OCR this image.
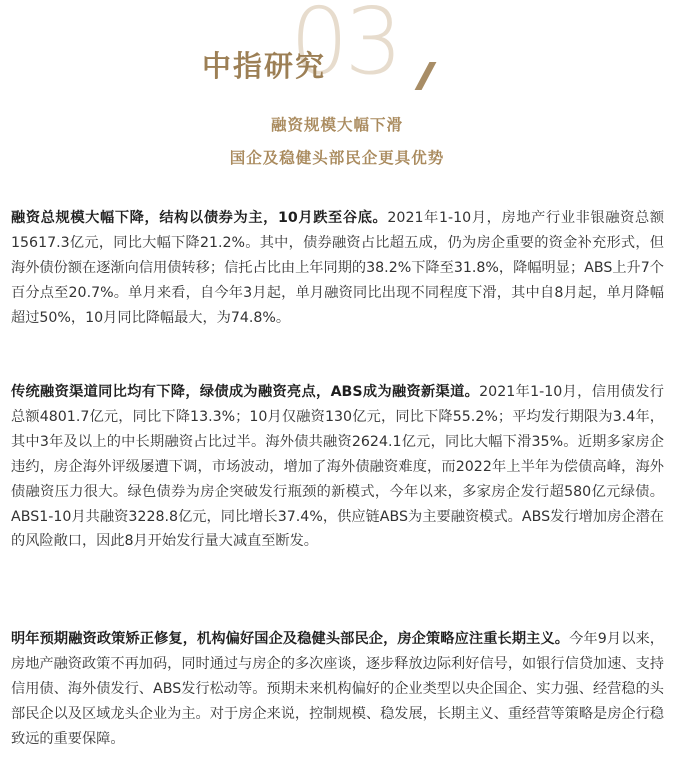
03
中指研究
融资规模大幅下滑
国企及稳健头部民企更具优势
融资总规模大幅下降，结构以债券为主，10月跌至谷底。2021年1-10月，房地产行业非银融资总额15617.3亿元，同比大幅下降21.2%。其中，债券融资占比超五成，仍为房企重要的资金补充形式，但海外债份额在逐渐向信用债转移；信托占比由上年同期的38.2%下降至31.8%，降幅明显；ABS上升7个百分点至20.7%。单月来看，自今年3月起，单月融资同比出现不同程度下滑，其中自8月起，单月降幅超过50%，10月同比降幅最大，为74.8%。
传统融资渠道同比均有下降，绿债成为融资亮点，ABS成为融资新渠道。2021年1-10月，信用债发行总额4801.7亿元，同比下降13.3%；10月仅融资130亿元，同比下降55.2%；平均发行期限为3.4年，其中3年及以上的中长期融资占比过半。海外债共融资2624.1亿元，同比大幅下滑35%。近期多家房企违约，房企海外评级屡遭下调，市场波动，增加了海外债融资难度，而2022年上半年为偿债高峰，海外债融资压力很大。绿色债券为房企突破发行瓶颈的新模式，今年以来，多家房企发行超580亿元绿债。ABS1-10月共融资3228.8亿元，同比增长37.4%，供应链ABS为主要融资模式。ABS发行增加房企潜在的风险敞口，因此8月开始发行量大减直至断发。
明年预期融资政策矫正修复，机构偏好国企及稳健头部民企，房企策略应注重长期主义。今年9月以来，房地产融资政策不再加码，同时通过与房企的多次座谈，逐步释放边际利好信号，如银行信贷加速、支持信用债、海外债发行、ABS发行松动等。预期未来机构偏好的企业类型以央企国企、实力强、经营稳的头部民企以及区域龙头企业为主。对于房企来说，控制规模、稳发展，长期主义、重经营等策略是房企行稳致远的重要保障。
